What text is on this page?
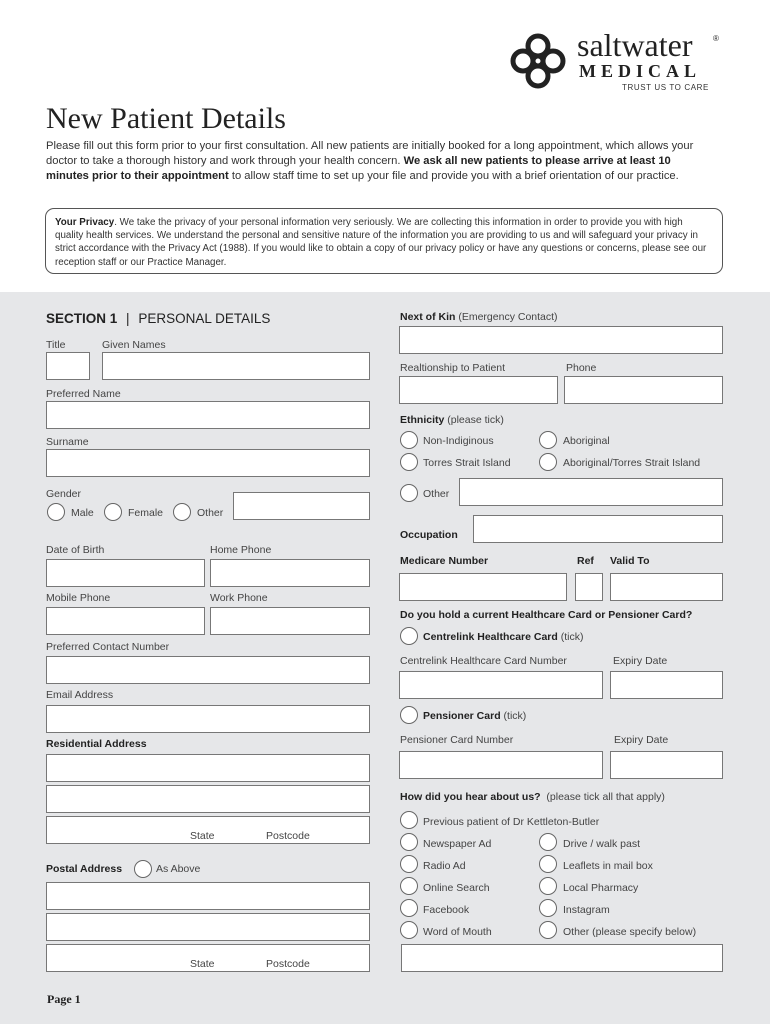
saltwater	®
MEDICAL
TRUST US TO CARE
New Patient Details
Please fill out this form prior to your first consultation. All new patients are initially booked for a long appointment, which allows your doctor to take a thorough history and work through your health concern. We ask all new patients to please arrive at least 10 minutes prior to their appointment to allow staff time to set up your file and provide you with a brief orientation of our practice.
Your Privacy. We take the privacy of your personal information very seriously. We are collecting this information in order to provide you with high quality health services. We understand the personal and sensitive nature of the information you are providing to us and will safeguard your privacy in strict accordance with the Privacy Act (1988). If you would like to obtain a copy of our privacy policy or have any questions or concerns, please see our reception staff or our Practice Manager.
SECTION 1 | PERSONAL DETAILS
Title	Given Names
Preferred Name
Surname
Gender
Male	Female	Other
Date of Birth	Home Phone
Mobile Phone	Work Phone
Preferred Contact Number
Email Address
Residential Address
State	Postcode
Postal Address	As Above
State	Postcode
Next of Kin (Emergency Contact)
Realtionship to Patient	Phone
Ethnicity (please tick)
Non-Indiginous	Aboriginal
Torres Strait Island	Aboriginal/Torres Strait Island
Other
Occupation
Medicare Number	Ref Valid To
Do you hold a current Healthcare Card or Pensioner Card?
Centrelink Healthcare Card (tick)
Centrelink Healthcare Card Number	Expiry Date
Pensioner Card (tick)
Pensioner Card Number	Expiry Date
How did you hear about us?  (please tick all that apply)
Previous patient of Dr Kettleton-Butler
Newspaper Ad	Drive / walk past
Radio Ad	Leaflets in mail box
Online Search	Local Pharmacy
Facebook	Instagram
Word of Mouth	Other (please specify below)
Page 1
